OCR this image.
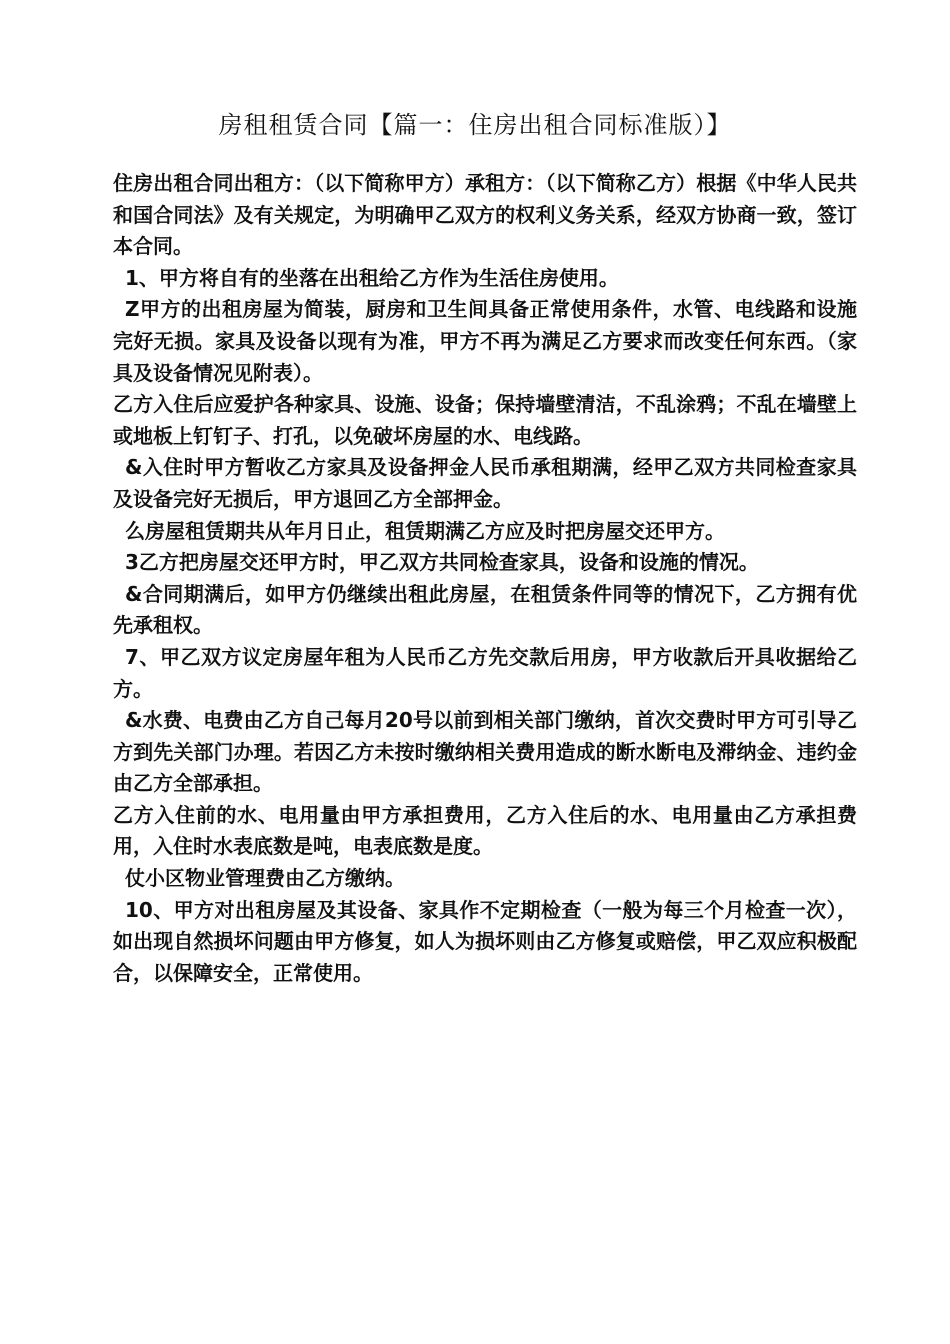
房租租赁合同【篇一：住房出租合同标准版）】

住房出租合同出租方：（以下简称甲方）承租方：（以下简称乙方）根据《中华人民共和国合同法》及有关规定，为明确甲乙双方的权利义务关系，经双方协商一致，签订本合同。

1、甲方将自有的坐落在出租给乙方作为生活住房使用。

Z甲方的出租房屋为简装，厨房和卫生间具备正常使用条件，水管、电线路和设施完好无损。家具及设备以现有为准，甲方不再为满足乙方要求而改变任何东西。（家具及设备情况见附表）。

乙方入住后应爱护各种家具、设施、设备；保持墙壁清洁，不乱涂鸦；不乱在墙壁上或地板上钉钉子、打孔，以免破坏房屋的水、电线路。

&入住时甲方暂收乙方家具及设备押金人民币承租期满，经甲乙双方共同检查家具及设备完好无损后，甲方退回乙方全部押金。

么房屋租赁期共从年月日止，租赁期满乙方应及时把房屋交还甲方。

3乙方把房屋交还甲方时，甲乙双方共同检查家具，设备和设施的情况。

&合同期满后，如甲方仍继续出租此房屋，在租赁条件同等的情况下，乙方拥有优先承租权。

7、甲乙双方议定房屋年租为人民币乙方先交款后用房，甲方收款后开具收据给乙方。

&水费、电费由乙方自己每月20号以前到相关部门缴纳，首次交费时甲方可引导乙方到先关部门办理。若因乙方未按时缴纳相关费用造成的断水断电及滞纳金、违约金由乙方全部承担。

乙方入住前的水、电用量由甲方承担费用，乙方入住后的水、电用量由乙方承担费用，入住时水表底数是吨，电表底数是度。

仗小区物业管理费由乙方缴纳。

10、甲方对出租房屋及其设备、家具作不定期检查（一般为每三个月检查一次），如出现自然损坏问题由甲方修复，如人为损坏则由乙方修复或赔偿，甲乙双应积极配合，以保障安全，正常使用。
